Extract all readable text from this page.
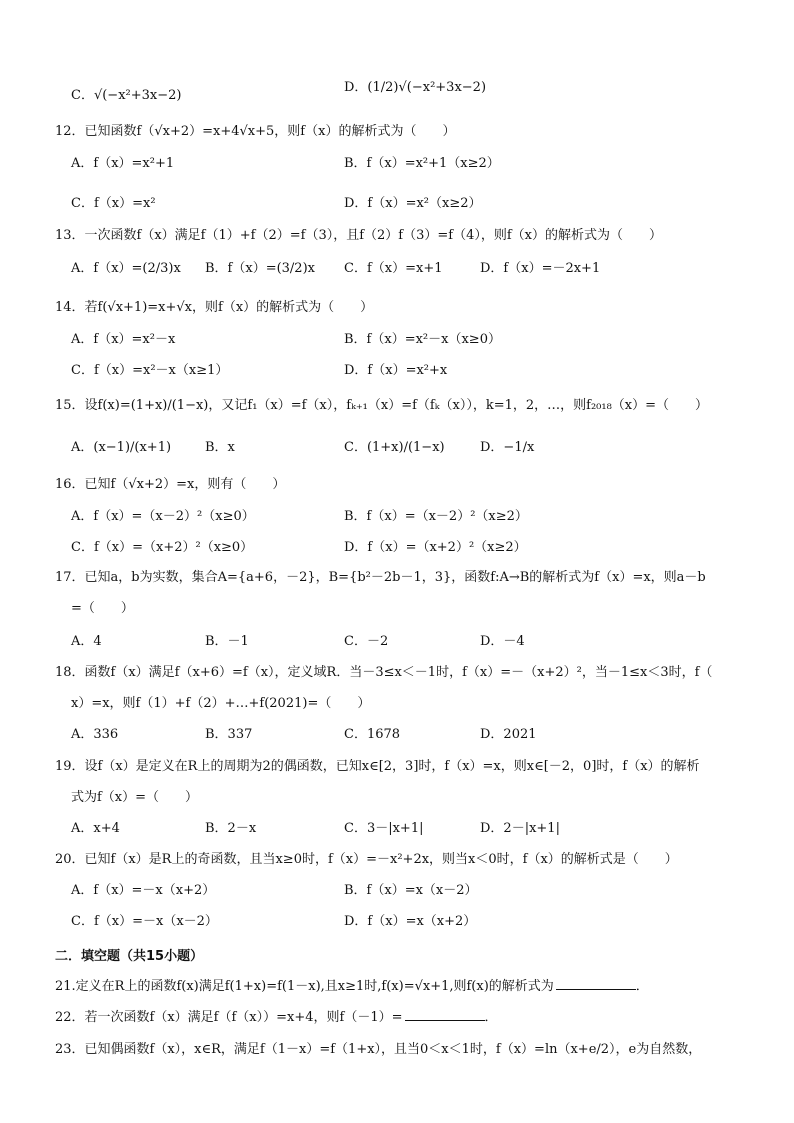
C．√(−x²+3x−2)
D．(1/2)√(−x²+3x−2)
12．已知函数f（√x+2）=x+4√x+5，则f（x）的解析式为（　　）
A．f（x）=x²+1	B．f（x）=x²+1（x≥2）
C．f（x）=x²	D．f（x）=x²（x≥2）
13．一次函数f（x）满足f（1）+f（2）=f（3），且f（2）f（3）=f（4），则f（x）的解析式为（　　）
A．f（x）=(2/3)x B．f（x）=(3/2)x C．f（x）=x+1	D．f（x）=－2x+1
14．若f(√x+1)=x+√x，则f（x）的解析式为（　　）
A．f（x）=x²－x	B．f（x）=x²－x（x≥0）
C．f（x）=x²－x（x≥1）	D．f（x）=x²+x
15．设f(x)=(1+x)/(1−x)，又记f₁（x）=f（x），fₖ₊₁（x）=f（fₖ（x）），k=1，2，…，则f₂₀₁₈（x）=（　　）
A．(x−1)/(x+1)	B．x	C．(1+x)/(1−x)	D．−1/x
16．已知f（√x+2）=x，则有（　　）
A．f（x）=（x－2）²（x≥0）	B．f（x）=（x－2）²（x≥2）
C．f（x）=（x+2）²（x≥0）	D．f（x）=（x+2）²（x≥2）
17．已知a，b为实数，集合A={a+6，－2}，B={b²－2b－1，3}，函数f:A→B的解析式为f（x）=x，则a－b
=（　　）
A．4	B．－1	C．－2	D．－4
18．函数f（x）满足f（x+6）=f（x），定义域R．当－3≤x＜－1时，f（x）=－（x+2）²，当－1≤x＜3时，f（
x）=x，则f（1）+f（2）+…+f(2021)=（　　）
A．336	B．337	C．1678	D．2021
19．设f（x）是定义在R上的周期为2的偶函数，已知x∈[2，3]时，f（x）=x，则x∈[－2，0]时，f（x）的解析
式为f（x）=（　　）
A．x+4	B．2－x	C．3－|x+1|	D．2－|x+1|
20．已知f（x）是R上的奇函数，且当x≥0时，f（x）=－x²+2x，则当x＜0时，f（x）的解析式是（　　）
A．f（x）=－x（x+2）	B．f（x）=x（x－2）
C．f（x）=－x（x－2）	D．f（x）=x（x+2）
二．填空题（共15小题）
21.定义在R上的函数f(x)满足f(1+x)=f(1－x),且x≥1时,f(x)=√x+1,则f(x)的解析式为	．
22．若一次函数f（x）满足f（f（x））=x+4，则f（－1）=	．
23．已知偶函数f（x），x∈R，满足f（1－x）=f（1+x），且当0＜x＜1时，f（x）=ln（x+e/2），e为自然数，
